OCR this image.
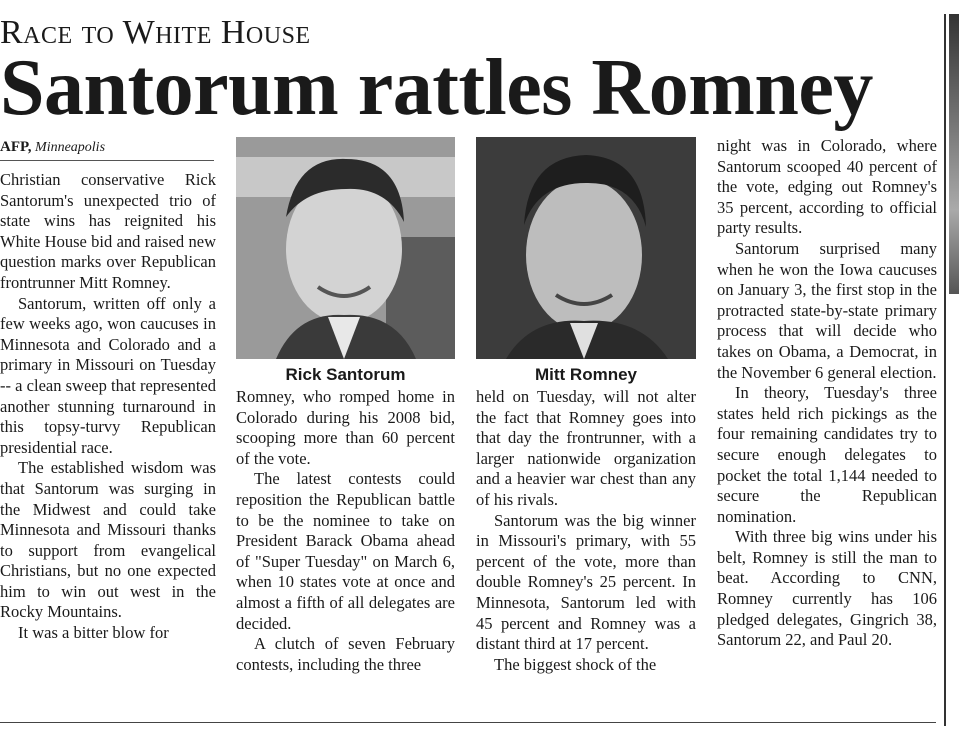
Race to White House
Santorum rattles Romney
AFP, Minneapolis

Christian conservative Rick Santorum's unexpected trio of state wins has reignited his White House bid and raised new question marks over Republican frontrunner Mitt Romney.

Santorum, written off only a few weeks ago, won caucuses in Minnesota and Colorado and a primary in Missouri on Tuesday -- a clean sweep that represented another stunning turnaround in this topsy-turvy Republican presidential race.

The established wisdom was that Santorum was surging in the Midwest and could take Minnesota and Missouri thanks to support from evangelical Christians, but no one expected him to win out west in the Rocky Mountains.

It was a bitter blow for

Rick Santorum	Mitt Romney

Romney, who romped home in Colorado during his 2008 bid, scooping more than 60 percent of the vote.

The latest contests could reposition the Republican battle to be the nominee to take on President Barack Obama ahead of "Super Tuesday" on March 6, when 10 states vote at once and almost a fifth of all delegates are decided.

A clutch of seven February contests, including the three

held on Tuesday, will not alter the fact that Romney goes into that day the frontrunner, with a larger nationwide organization and a heavier war chest than any of his rivals.

Santorum was the big winner in Missouri's primary, with 55 percent of the vote, more than double Romney's 25 percent. In Minnesota, Santorum led with 45 percent and Romney was a distant third at 17 percent.

The biggest shock of the

night was in Colorado, where Santorum scooped 40 percent of the vote, edging out Romney's 35 percent, according to official party results.

Santorum surprised many when he won the Iowa caucuses on January 3, the first stop in the protracted state-by-state primary process that will decide who takes on Obama, a Democrat, in the November 6 general election.

In theory, Tuesday's three states held rich pickings as the four remaining candidates try to secure enough delegates to pocket the total 1,144 needed to secure the Republican nomination.

With three big wins under his belt, Romney is still the man to beat. According to CNN, Romney currently has 106 pledged delegates, Gingrich 38, Santorum 22, and Paul 20.
